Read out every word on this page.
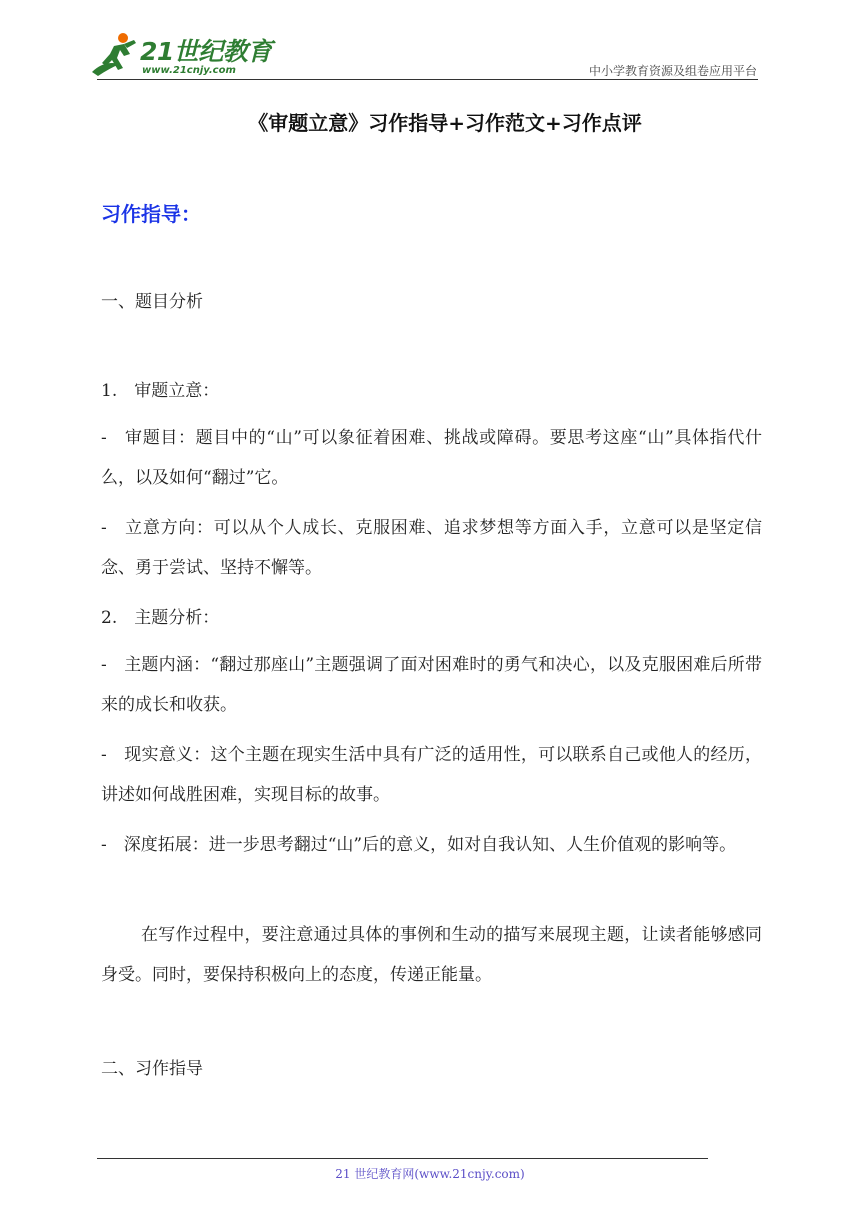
21世纪教育
www.21cnjy.com	中小学教育资源及组卷应用平台
《审题立意》习作指导+习作范文+习作点评
习作指导：
一、题目分析
1.　审题立意：
-　审题目：题目中的“山”可以象征着困难、挑战或障碍。要思考这座“山”具体指代什么，以及如何“翻过”它。
-　立意方向：可以从个人成长、克服困难、追求梦想等方面入手，立意可以是坚定信念、勇于尝试、坚持不懈等。
2.　主题分析：
-　主题内涵：“翻过那座山”主题强调了面对困难时的勇气和决心，以及克服困难后所带来的成长和收获。
-　现实意义：这个主题在现实生活中具有广泛的适用性，可以联系自己或他人的经历，讲述如何战胜困难，实现目标的故事。
-　深度拓展：进一步思考翻过“山”后的意义，如对自我认知、人生价值观的影响等。
在写作过程中，要注意通过具体的事例和生动的描写来展现主题，让读者能够感同身受。同时，要保持积极向上的态度，传递正能量。
二、习作指导
21 世纪教育网(www.21cnjy.com)
